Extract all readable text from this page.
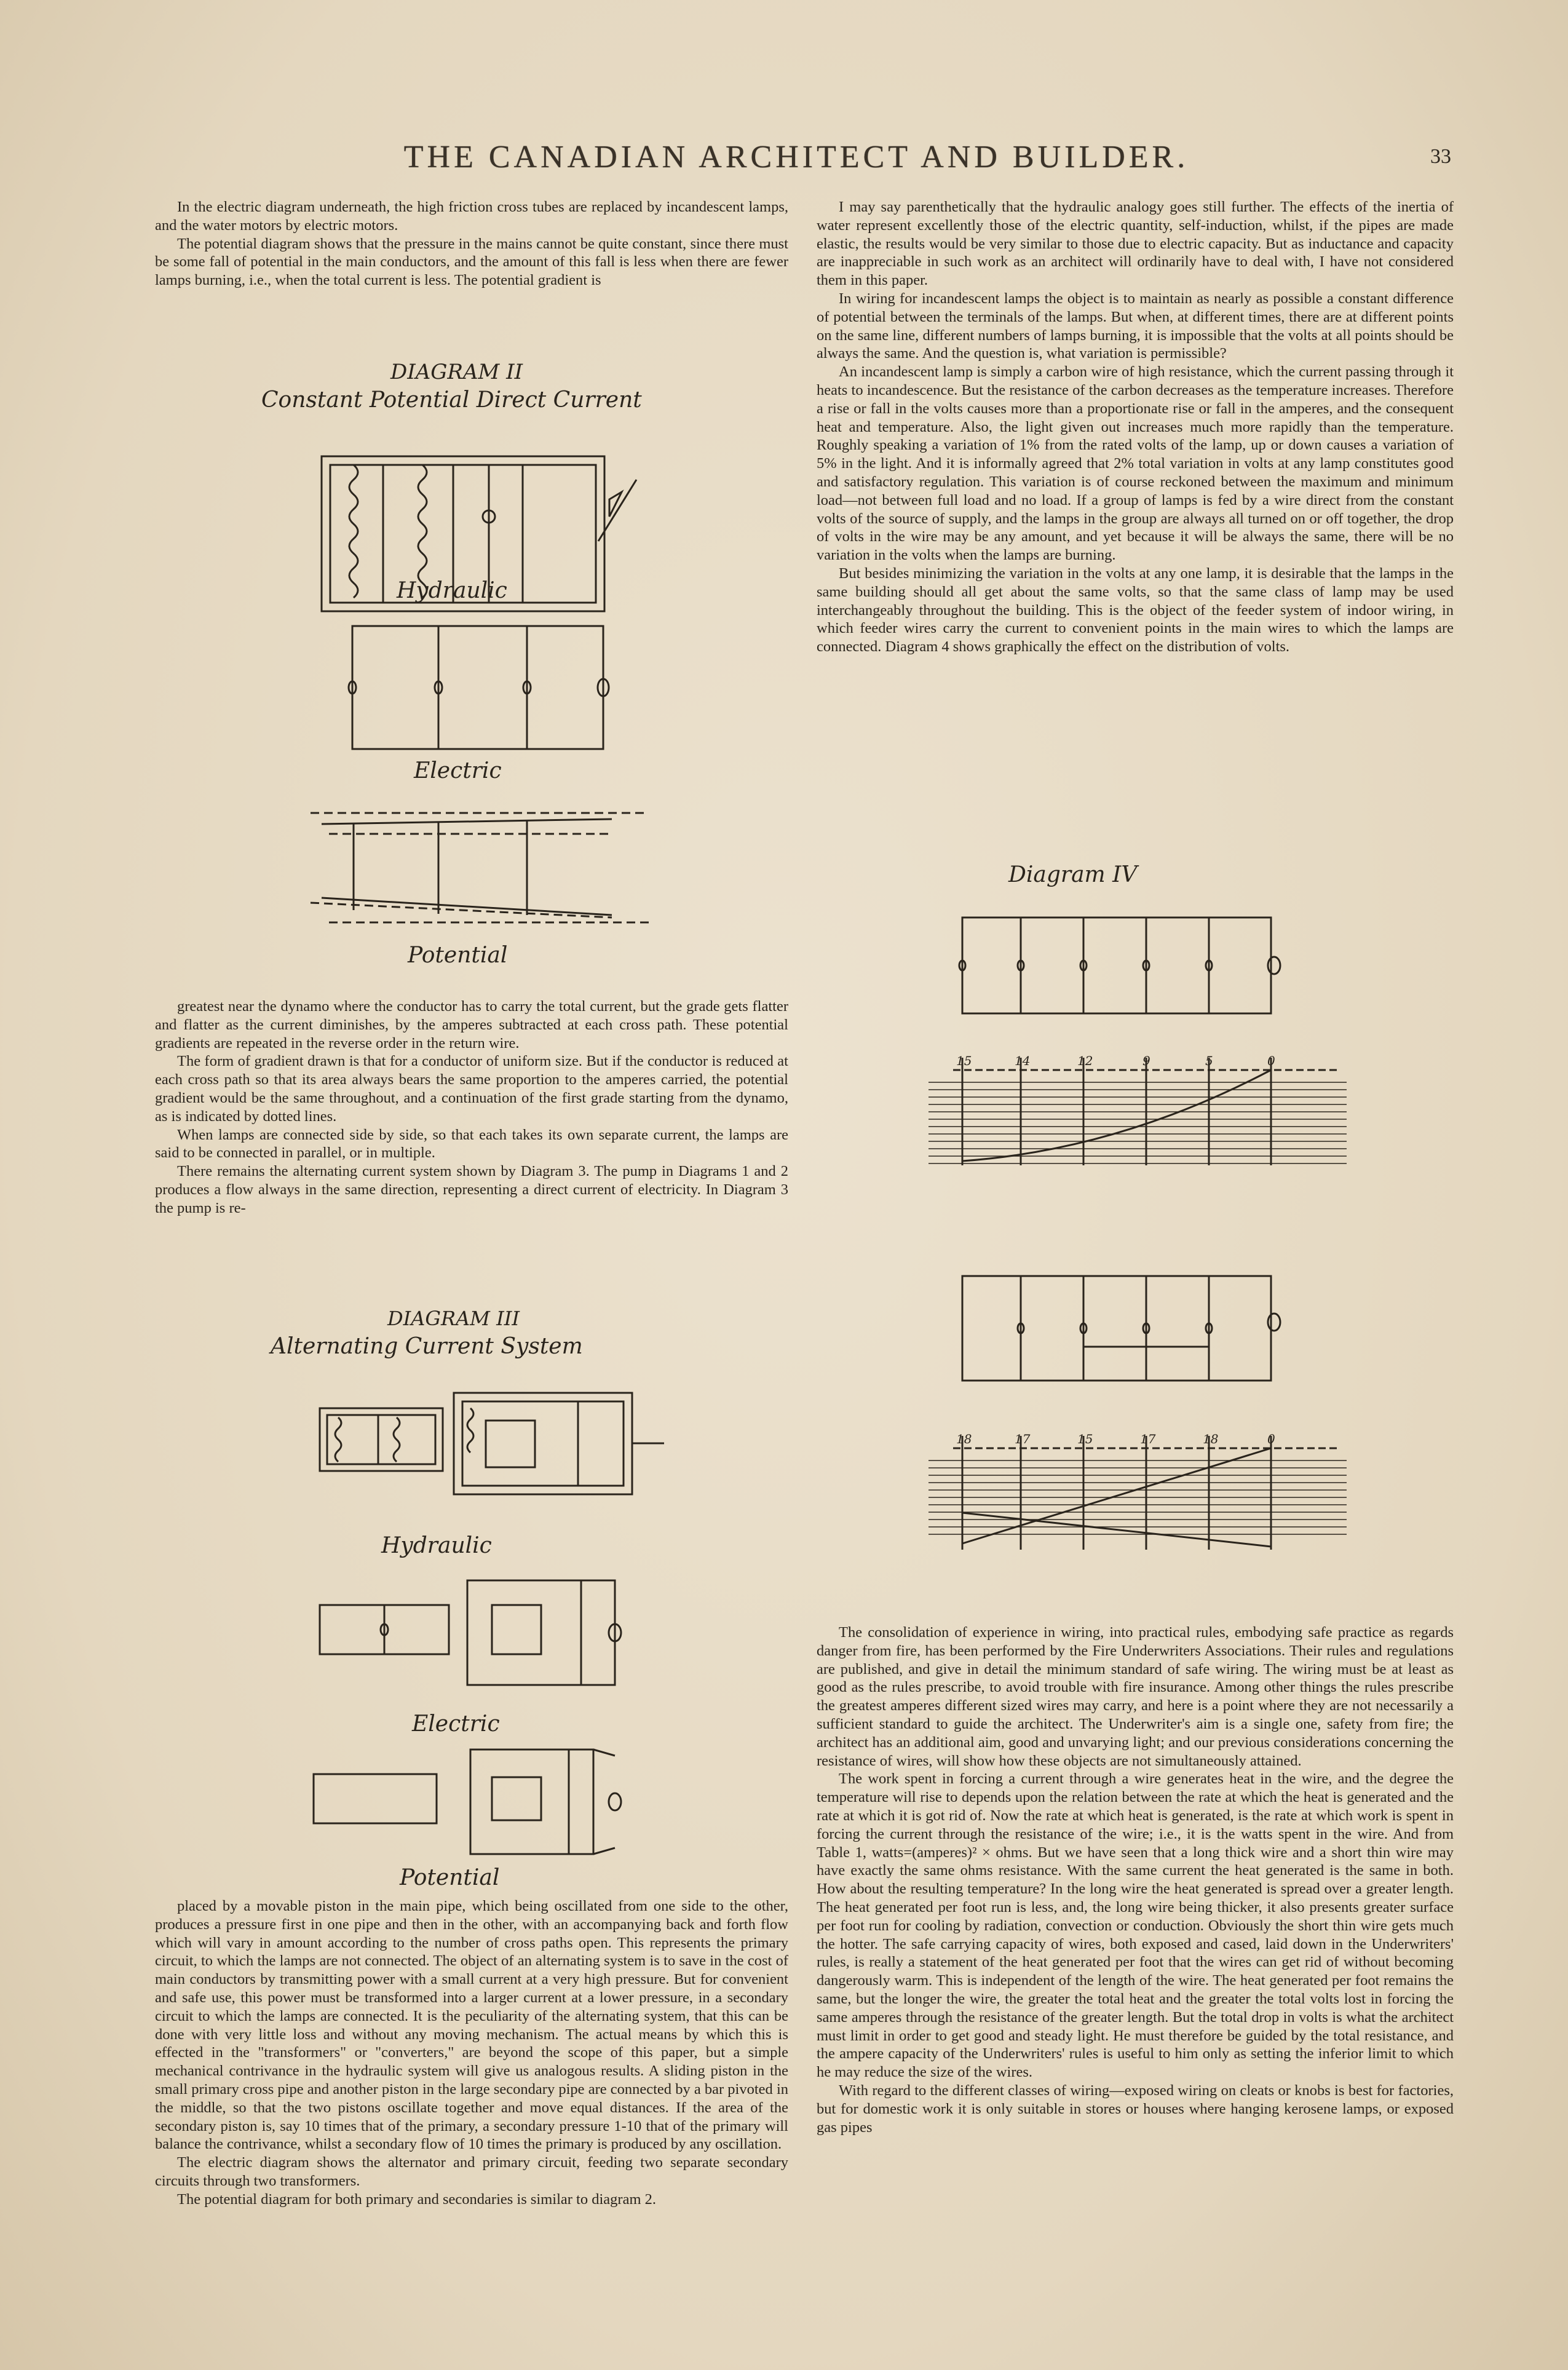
THE CANADIAN ARCHITECT AND BUILDER.	33

In the electric diagram underneath, the high friction cross tubes are replaced by incandescent lamps, and the water motors by electric motors.

The potential diagram shows that the pressure in the mains cannot be quite constant, since there must be some fall of potential in the main conductors, and the amount of this fall is less when there are fewer lamps burning, i.e., when the total current is less. The potential gradient is

DIAGRAM II
Constant Potential Direct Current
Hydraulic
Electric
Potential

greatest near the dynamo where the conductor has to carry the total current, but the grade gets flatter and flatter as the current diminishes, by the amperes subtracted at each cross path. These potential gradients are repeated in the reverse order in the return wire.

The form of gradient drawn is that for a conductor of uniform size. But if the conductor is reduced at each cross path so that its area always bears the same proportion to the amperes carried, the potential gradient would be the same throughout, and a continuation of the first grade starting from the dynamo, as is indicated by dotted lines.

When lamps are connected side by side, so that each takes its own separate current, the lamps are said to be connected in parallel, or in multiple.

There remains the alternating current system shown by Diagram 3. The pump in Diagrams 1 and 2 produces a flow always in the same direction, representing a direct current of electricity. In Diagram 3 the pump is re-

DIAGRAM III
Alternating Current System
Hydraulic
Electric
Potential

placed by a movable piston in the main pipe, which being oscillated from one side to the other, produces a pressure first in one pipe and then in the other, with an accompanying back and forth flow which will vary in amount according to the number of cross paths open. This represents the primary circuit, to which the lamps are not connected. The object of an alternating system is to save in the cost of main conductors by transmitting power with a small current at a very high pressure. But for convenient and safe use, this power must be transformed into a larger current at a lower pressure, in a secondary circuit to which the lamps are connected. It is the peculiarity of the alternating system, that this can be done with very little loss and without any moving mechanism. The actual means by which this is effected in the "transformers" or "converters," are beyond the scope of this paper, but a simple mechanical contrivance in the hydraulic system will give us analogous results. A sliding piston in the small primary cross pipe and another piston in the large secondary pipe are connected by a bar pivoted in the middle, so that the two pistons oscillate together and move equal distances. If the area of the secondary piston is, say 10 times that of the primary, a secondary pressure 1-10 that of the primary will balance the contrivance, whilst a secondary flow of 10 times the primary is produced by any oscillation.

The electric diagram shows the alternator and primary circuit, feeding two separate secondary circuits through two transformers.

The potential diagram for both primary and secondaries is similar to diagram 2.

I may say parenthetically that the hydraulic analogy goes still further. The effects of the inertia of water represent excellently those of the electric quantity, self-induction, whilst, if the pipes are made elastic, the results would be very similar to those due to electric capacity. But as inductance and capacity are inappreciable in such work as an architect will ordinarily have to deal with, I have not considered them in this paper.

In wiring for incandescent lamps the object is to maintain as nearly as possible a constant difference of potential between the terminals of the lamps. But when, at different times, there are at different points on the same line, different numbers of lamps burning, it is impossible that the volts at all points should be always the same. And the question is, what variation is permissible?

An incandescent lamp is simply a carbon wire of high resistance, which the current passing through it heats to incandescence. But the resistance of the carbon decreases as the temperature increases. Therefore a rise or fall in the volts causes more than a proportionate rise or fall in the amperes, and the consequent heat and temperature. Also, the light given out increases much more rapidly than the temperature. Roughly speaking a variation of 1% from the rated volts of the lamp, up or down causes a variation of 5% in the light. And it is informally agreed that 2% total variation in volts at any lamp constitutes good and satisfactory regulation. This variation is of course reckoned between the maximum and minimum load—not between full load and no load. If a group of lamps is fed by a wire direct from the constant volts of the source of supply, and the lamps in the group are always all turned on or off together, the drop of volts in the wire may be any amount, and yet because it will be always the same, there will be no variation in the volts when the lamps are burning.

But besides minimizing the variation in the volts at any one lamp, it is desirable that the lamps in the same building should all get about the same volts, so that the same class of lamp may be used interchangeably throughout the building. This is the object of the feeder system of indoor wiring, in which feeder wires carry the current to convenient points in the main wires to which the lamps are connected. Diagram 4 shows graphically the effect on the distribution of volts.

Diagram IV
15	14	12	9	5	0
18	17	15	17	18	0

The consolidation of experience in wiring, into practical rules, embodying safe practice as regards danger from fire, has been performed by the Fire Underwriters Associations. Their rules and regulations are published, and give in detail the minimum standard of safe wiring. The wiring must be at least as good as the rules prescribe, to avoid trouble with fire insurance. Among other things the rules prescribe the greatest amperes different sized wires may carry, and here is a point where they are not necessarily a sufficient standard to guide the architect. The Underwriter's aim is a single one, safety from fire; the architect has an additional aim, good and unvarying light; and our previous considerations concerning the resistance of wires, will show how these objects are not simultaneously attained.

The work spent in forcing a current through a wire generates heat in the wire, and the degree the temperature will rise to depends upon the relation between the rate at which the heat is generated and the rate at which it is got rid of. Now the rate at which heat is generated, is the rate at which work is spent in forcing the current through the resistance of the wire; i.e., it is the watts spent in the wire. And from Table 1, watts=(amperes)² × ohms. But we have seen that a long thick wire and a short thin wire may have exactly the same ohms resistance. With the same current the heat generated is the same in both. How about the resulting temperature? In the long wire the heat generated is spread over a greater length. The heat generated per foot run is less, and, the long wire being thicker, it also presents greater surface per foot run for cooling by radiation, convection or conduction. Obviously the short thin wire gets much the hotter. The safe carrying capacity of wires, both exposed and cased, laid down in the Underwriters' rules, is really a statement of the heat generated per foot that the wires can get rid of without becoming dangerously warm. This is independent of the length of the wire. The heat generated per foot remains the same, but the longer the wire, the greater the total heat and the greater the total volts lost in forcing the same amperes through the resistance of the greater length. But the total drop in volts is what the architect must limit in order to get good and steady light. He must therefore be guided by the total resistance, and the ampere capacity of the Underwriters' rules is useful to him only as setting the inferior limit to which he may reduce the size of the wires.

With regard to the different classes of wiring—exposed wiring on cleats or knobs is best for factories, but for domestic work it is only suitable in stores or houses where hanging kerosene lamps, or exposed gas pipes
